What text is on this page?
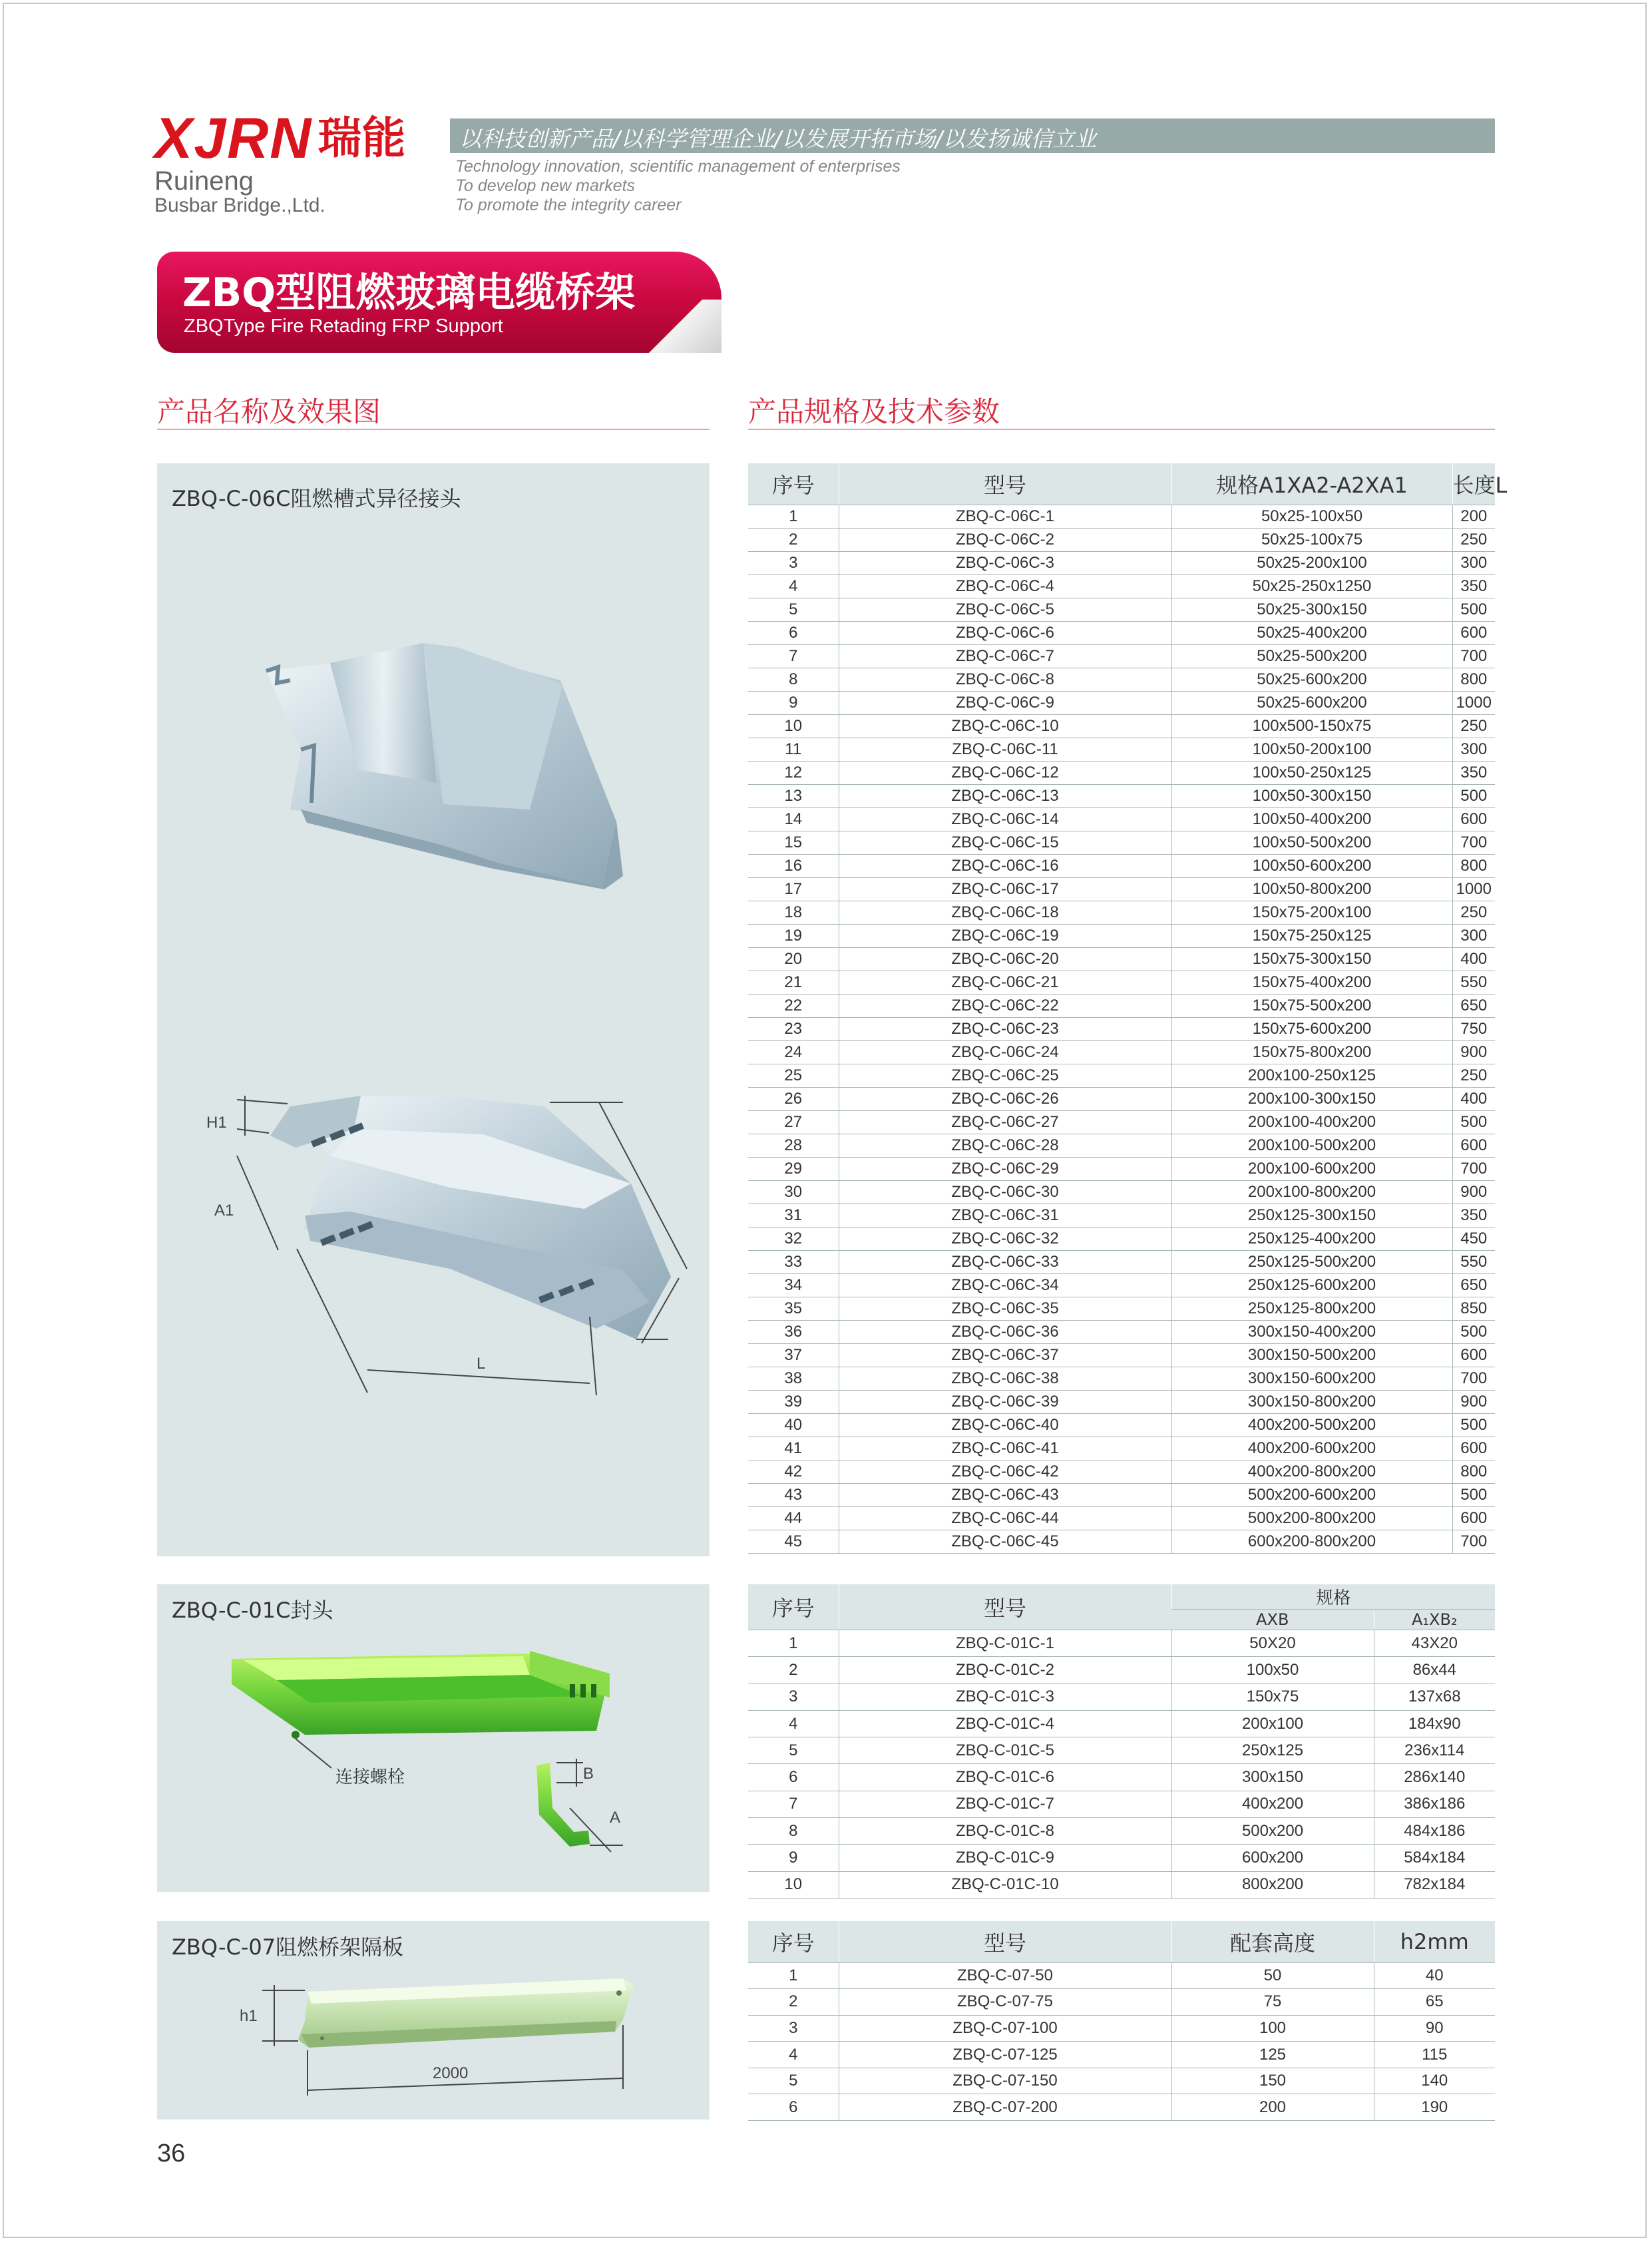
XJRN 瑞能
Ruineng
Busbar Bridge.,Ltd.
以科技创新产品/以科学管理企业/以发展开拓市场/以发扬诚信立业
Technology innovation, scientific management of enterprises
To develop new markets
To promote the integrity career
ZBQ型阻燃玻璃电缆桥架
ZBQType Fire Retading FRP Support
产品名称及效果图	产品规格及技术参数
ZBQ-C-06C阻燃槽式异径接头
H1
A1
L
ZBQ-C-01C封头
连接螺栓	B
A
ZBQ-C-07阻燃桥架隔板
h1
2000
序号	型号	规格A1XA2-A2XA1	长度L
1	ZBQ-C-06C-1	50x25-100x50	200
2	ZBQ-C-06C-2	50x25-100x75	250
3	ZBQ-C-06C-3	50x25-200x100	300
4	ZBQ-C-06C-4	50x25-250x1250	350
5	ZBQ-C-06C-5	50x25-300x150	500
6	ZBQ-C-06C-6	50x25-400x200	600
7	ZBQ-C-06C-7	50x25-500x200	700
8	ZBQ-C-06C-8	50x25-600x200	800
9	ZBQ-C-06C-9	50x25-600x200	1000
10	ZBQ-C-06C-10	100x500-150x75	250
11	ZBQ-C-06C-11	100x50-200x100	300
12	ZBQ-C-06C-12	100x50-250x125	350
13	ZBQ-C-06C-13	100x50-300x150	500
14	ZBQ-C-06C-14	100x50-400x200	600
15	ZBQ-C-06C-15	100x50-500x200	700
16	ZBQ-C-06C-16	100x50-600x200	800
17	ZBQ-C-06C-17	100x50-800x200	1000
18	ZBQ-C-06C-18	150x75-200x100	250
19	ZBQ-C-06C-19	150x75-250x125	300
20	ZBQ-C-06C-20	150x75-300x150	400
21	ZBQ-C-06C-21	150x75-400x200	550
22	ZBQ-C-06C-22	150x75-500x200	650
23	ZBQ-C-06C-23	150x75-600x200	750
24	ZBQ-C-06C-24	150x75-800x200	900
25	ZBQ-C-06C-25	200x100-250x125	250
26	ZBQ-C-06C-26	200x100-300x150	400
27	ZBQ-C-06C-27	200x100-400x200	500
28	ZBQ-C-06C-28	200x100-500x200	600
29	ZBQ-C-06C-29	200x100-600x200	700
30	ZBQ-C-06C-30	200x100-800x200	900
31	ZBQ-C-06C-31	250x125-300x150	350
32	ZBQ-C-06C-32	250x125-400x200	450
33	ZBQ-C-06C-33	250x125-500x200	550
34	ZBQ-C-06C-34	250x125-600x200	650
35	ZBQ-C-06C-35	250x125-800x200	850
36	ZBQ-C-06C-36	300x150-400x200	500
37	ZBQ-C-06C-37	300x150-500x200	600
38	ZBQ-C-06C-38	300x150-600x200	700
39	ZBQ-C-06C-39	300x150-800x200	900
40	ZBQ-C-06C-40	400x200-500x200	500
41	ZBQ-C-06C-41	400x200-600x200	600
42	ZBQ-C-06C-42	400x200-800x200	800
43	ZBQ-C-06C-43	500x200-600x200	500
44	ZBQ-C-06C-44	500x200-800x200	600
45	ZBQ-C-06C-45	600x200-800x200	700
序号	型号	规格	
		AXB	A₁XB₂
1	ZBQ-C-01C-1	50X20	43X20
2	ZBQ-C-01C-2	100x50	86x44
3	ZBQ-C-01C-3	150x75	137x68
4	ZBQ-C-01C-4	200x100	184x90
5	ZBQ-C-01C-5	250x125	236x114
6	ZBQ-C-01C-6	300x150	286x140
7	ZBQ-C-01C-7	400x200	386x186
8	ZBQ-C-01C-8	500x200	484x186
9	ZBQ-C-01C-9	600x200	584x184
10	ZBQ-C-01C-10	800x200	782x184
序号	型号	配套高度	h2mm
1	ZBQ-C-07-50	50	40
2	ZBQ-C-07-75	75	65
3	ZBQ-C-07-100	100	90
4	ZBQ-C-07-125	125	115
5	ZBQ-C-07-150	150	140
6	ZBQ-C-07-200	200	190
36
